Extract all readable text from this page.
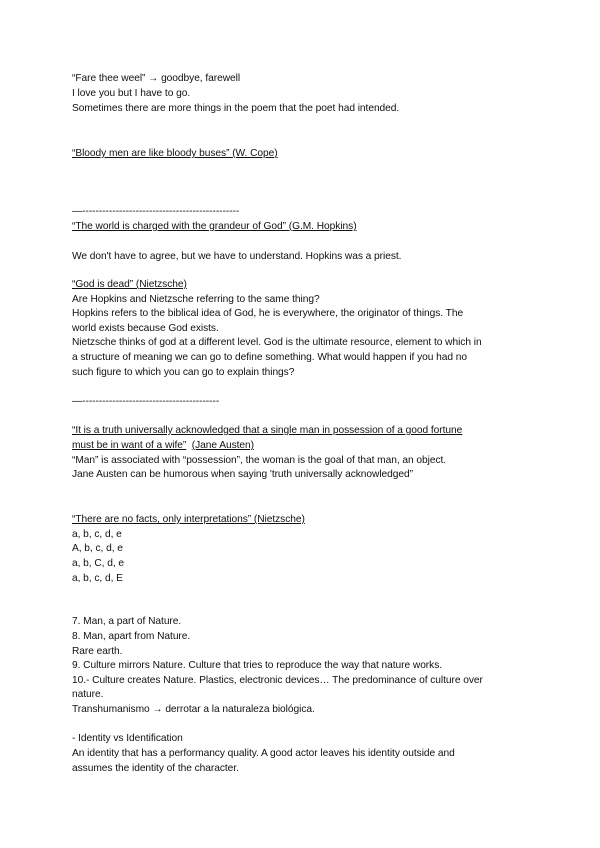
“Fare thee weel” → goodbye, farewell
I love you but I have to go.
Sometimes there are more things in the poem that the poet had intended.
“Bloody men are like bloody buses” (W. Cope)
—-----------------------------------------------
“The world is charged with the grandeur of God” (G.M. Hopkins)
We don't have to agree, but we have to understand. Hopkins was a priest.
“God is dead” (Nietzsche)
Are Hopkins and Nietzsche referring to the same thing?
Hopkins refers to the biblical idea of God, he is everywhere, the originator of things. The
world exists because God exists.
Nietzsche thinks of god at a different level. God is the ultimate resource, element to which in
a structure of meaning we can go to define something. What would happen if you had no
such figure to which you can go to explain things?
—-----------------------------------------
“It is a truth universally acknowledged that a single man in possession of a good fortune
must be in want of a wife” (Jane Austen)
“Man” is associated with “possession”, the woman is the goal of that man, an object.
Jane Austen can be humorous when saying 'truth universally acknowledged”
“There are no facts, only interpretations” (Nietzsche)
a, b, c, d, e
A, b, c, d, e
a, b, C, d, e
a, b, c, d, E
7. Man, a part of Nature.
8. Man, apart from Nature.
Rare earth.
9. Culture mirrors Nature. Culture that tries to reproduce the way that nature works.
10.- Culture creates Nature. Plastics, electronic devices… The predominance of culture over
nature.
Transhumanismo → derrotar a la naturaleza biológica.
- Identity vs Identification
An identity that has a performancy quality. A good actor leaves his identity outside and
assumes the identity of the character.
